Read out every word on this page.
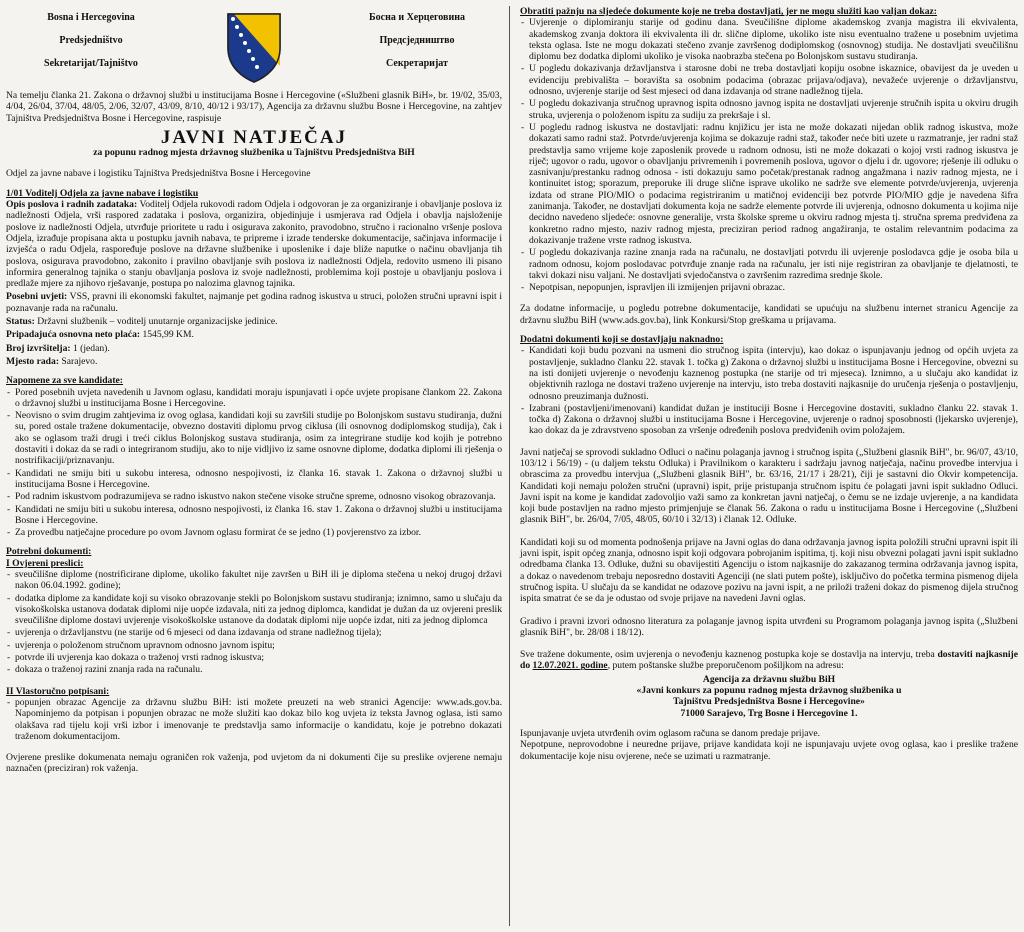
Bosna i Hercegovina
Predsjedništvo
Sekretarijat/Tajništvo
Босна и Херцеговина
Предсједништво
Секретаријат

Na temelju članka 21. Zakona o državnoj službi u institucijama Bosne i Hercegovine («Službeni glasnik BiH», br. 19/02, 35/03, 4/04, 26/04, 37/04, 48/05, 2/06, 32/07, 43/09, 8/10, 40/12 i 93/17), Agencija za državnu službu Bosne i Hercegovine, na zahtjev Tajništva Predsjedništva Bosne i Hercegovine, raspisuje

JAVNI NATJEČAJ
za popunu radnog mjesta državnog službenika u Tajništvu Predsjedništva BiH

Odjel za javne nabave i logistiku Tajništva Predsjedništva Bosne i Hercegovine

1/01 Voditelj Odjela za javne nabave i logistiku

Opis poslova i radnih zadataka: Voditelj Odjela rukovodi radom Odjela i odgovoran je za organiziranje i obavljanje poslova iz nadležnosti Odjela, vrši raspored zadataka i poslova, organizira, objedinjuje i usmjerava rad Odjela i obavlja najsloženije poslove iz nadležnosti Odjela, utvrđuje prioritete u radu i osigurava zakonito, pravodobno, stručno i racionalno vršenje poslova Odjela, izrađuje propisana akta u postupku javnih nabava, te pripreme i izrade tenderske dokumentacije, sačinjava informacije i izvješća o radu Odjela, raspoređuje poslove na državne službenike i uposlenike i daje bliže naputke o načinu obavljanja tih poslova, osigurava pravodobno, zakonito i pravilno obavljanje svih poslova iz nadležnosti Odjela, redovito usmeno ili pisano informira generalnog tajnika o stanju obavljanja poslova iz svoje nadležnosti, problemima koji postoje u obavljanju poslova i predlaže mjere za njihovo rješavanje, postupa po nalozima glavnog tajnika.

Posebni uvjeti: VSS, pravni ili ekonomski fakultet, najmanje pet godina radnog iskustva u struci, položen stručni upravni ispit i poznavanje rada na računalu.

Status: Državni službenik – voditelj unutarnje organizacijske jedinice.

Pripadajuća osnovna neto plaća: 1545,99 KM.

Broj izvršitelja: 1 (jedan).

Mjesto rada: Sarajevo.

Napomene za sve kandidate:
- Pored posebnih uvjeta navedenih u Javnom oglasu, kandidati moraju ispunjavati i opće uvjete propisane člankom 22. Zakona o državnoj službi u institucijama Bosne i Hercegovine.
- Neovisno o svim drugim zahtjevima iz ovog oglasa, kandidati koji su završili studije po Bolonjskom sustavu studiranja, dužni su, pored ostale tražene dokumentacije, obvezno dostaviti diplomu prvog ciklusa (ili osnovnog dodiplomskog studija), čak i ako se oglasom traži drugi i treći ciklus Bolonjskog sustava studiranja, osim za integrirane studije kod kojih je potrebno dostaviti i dokaz da se radi o integriranom studiju, ako to nije vidljivo iz same osnovne diplome, dodatka diplomi ili rješenja o nostrifikaciji/priznavanju.
- Kandidati ne smiju biti u sukobu interesa, odnosno nespojivosti, iz članka 16. stavak 1. Zakona o državnoj službi u institucijama Bosne i Hercegovine.
- Pod radnim iskustvom podrazumijeva se radno iskustvo nakon stečene visoke stručne spreme, odnosno visokog obrazovanja.
- Kandidati ne smiju biti u sukobu interesa, odnosno nespojivosti, iz članka 16. stav 1. Zakona o državnoj službi u institucijama Bosne i Hercegovine.
- Za provedbu natječajne procedure po ovom Javnom oglasu formirat će se jedno (1) povjerenstvo za izbor.
Potrebni dokumenti:
I Ovjereni preslici:
- sveučilišne diplome (nostrificirane diplome, ukoliko fakultet nije završen u BiH ili je diploma stečena u nekoj drugoj državi nakon 06.04.1992. godine);
- dodatka diplome za kandidate koji su visoko obrazovanje stekli po Bolonjskom sustavu studiranja; iznimno, samo u slučaju da visokoškolska ustanova dodatak diplomi nije uopće izdavala, niti za jednog diplomca, kandidat je dužan da uz ovjereni preslik sveučilišne diplome dostavi uvjerenje visokoškolske ustanove da dodatak diplomi nije uopće izdat, niti za jednog diplomca
- uvjerenja o državljanstvu (ne starije od 6 mjeseci od dana izdavanja od strane nadležnog tijela);
- uvjerenja o položenom stručnom upravnom odnosno javnom ispitu;
- potvrde ili uvjerenja kao dokaza o traženoj vrsti radnog iskustva;
- dokaza o traženoj razini znanja rada na računalu.
II Vlastoručno potpisani:
- popunjen obrazac Agencije za državnu službu BiH: isti možete preuzeti na web stranici Agencije: www.ads.gov.ba. Napominjemo da potpisan i popunjen obrazac ne može služiti kao dokaz bilo kog uvjeta iz teksta Javnog oglasa, isti samo olakšava rad tijelu koji vrši izbor i imenovanje te predstavlja samo informacije o kandidatu, koje je potrebno dokazati traženom dokumentacijom.

Ovjerene preslike dokumenata nemaju ograničen rok važenja, pod uvjetom da ni dokumenti čije su preslike ovjerene nemaju naznačen (preciziran) rok važenja.

Obratiti pažnju na sljedeće dokumente koje ne treba dostavljati, jer ne mogu služiti kao valjan dokaz:
- Uvjerenje o diplomiranju starije od godinu dana. Sveučilišne diplome akademskog zvanja magistra ili ekvivalenta, akademskog zvanja doktora ili ekvivalenta ili dr. slične diplome, ukoliko iste nisu eventualno tražene u posebnim uvjetima teksta oglasa. Iste ne mogu dokazati stečeno zvanje završenog dodiplomskog (osnovnog) studija. Ne dostavljati sveučilišnu diplomu bez dodatka diplomi ukoliko je visoka naobrazba stečena po Bolonjskom sustavu studiranja.
- U pogledu dokazivanja državljanstva i starosne dobi ne treba dostavljati kopiju osobne iskaznice, obavijest da je uveden u evidenciju prebivališta – boravišta sa osobnim podacima (obrazac prijava/odjava), nevažeće uvjerenje o državljanstvu, odnosno, uvjerenje starije od šest mjeseci od dana izdavanja od strane nadležnog tijela.
- U pogledu dokazivanja stručnog upravnog ispita odnosno javnog ispita ne dostavljati uvjerenje stručnih ispita u okviru drugih struka, uvjerenja o položenom ispitu za sudiju za prekršaje i sl.
- U pogledu radnog iskustva ne dostavljati: radnu knjižicu jer ista ne može dokazati nijedan oblik radnog iskustva, može dokazati samo radni staž. Potvrde/uvjerenja kojima se dokazuje radni staž, također neće biti uzete u razmatranje, jer radni staž predstavlja samo vrijeme koje zaposlenik provede u radnom odnosu, isti ne može dokazati o kojoj vrsti radnog iskustva je riječ; ugovor o radu, ugovor o obavljanju privremenih i povremenih poslova, ugovor o djelu i dr. ugovore; rješenje ili odluku o zasnivanju/prestanku radnog odnosa - isti dokazuju samo početak/prestanak radnog angažmana i naziv radnog mjesta, ne i kontinuitet istog; sporazum, preporuke ili druge slične isprave ukoliko ne sadrže sve elemente potvrde/uvjerenja, uvjerenja izdata od strane PIO/MIO o podacima registriranim u matičnoj evidenciji bez potvrde PIO/MIO gdje je navedena šifra zanimanja. Također, ne dostavljati dokumenta koja ne sadrže elemente potvrde ili uvjerenja, odnosno dokumenta u kojima nije decidno navedeno sljedeće: osnovne generalije, vrsta školske spreme u okviru radnog mjesta tj. stručna sprema predviđena za konkretno radno mjesto, naziv radnog mjesta, preciziran period radnog angažiranja, te ostalim relevantnim podacima za dokazivanje tražene vrste radnog iskustva.
- U pogledu dokazivanja razine znanja rada na računalu, ne dostavljati potvrdu ili uvjerenje poslodavca gdje je osoba bila u radnom odnosu, kojom poslodavac potvrđuje znanje rada na računalu, jer isti nije registriran za obavljanje te djelatnosti, te takvi dokazi nisu valjani. Ne dostavljati svjedočanstva o završenim razredima srednje škole.
- Nepotpisan, nepopunjen, ispravljen ili izmijenjen prijavni obrazac.

Za dodatne informacije, u pogledu potrebne dokumentacije, kandidati se upućuju na službenu internet stranicu Agencije za državnu službu BiH (www.ads.gov.ba), link Konkursi/Stop greškama u prijavama.

Dodatni dokumenti koji se dostavljaju naknadno:
- Kandidati koji budu pozvani na usmeni dio stručnog ispita (intervju), kao dokaz o ispunjavanju jednog od općih uvjeta za postavljenje, sukladno članku 22. stavak 1. točka g) Zakona o državnoj službi u institucijama Bosne i Hercegovine, obvezni su na isti donijeti uvjerenje o nevođenju kaznenog postupka (ne starije od tri mjeseca). Iznimno, a u slučaju ako kandidat iz objektivnih razloga ne dostavi traženo uvjerenje na intervju, isto treba dostaviti najkasnije do uručenja rješenja o postavljenju, odnosno preuzimanja dužnosti.
- Izabrani (postavljeni/imenovani) kandidat dužan je instituciji Bosne i Hercegovine dostaviti, sukladno članku 22. stavak 1. točka d) Zakona o državnoj službi u institucijama Bosne i Hercegovine, uvjerenje o radnoj sposobnosti (ljekarsko uvjerenje), kao dokaz da je zdravstveno sposoban za vršenje određenih poslova predviđenih ovim položajem.

Javni natječaj se sprovodi sukladno Odluci o načinu polaganja javnog i stručnog ispita („Službeni glasnik BiH", br. 96/07, 43/10, 103/12 i 56/19) - (u daljem tekstu Odluka) i Pravilnikom o karakteru i sadržaju javnog natječaja, načinu provedbe intervjua i obrascima za provedbu intervjua („Službeni glasnik BiH", br. 63/16, 21/17 i 28/21), čiji je sastavni dio Okvir kompetencija. Kandidati koji nemaju položen stručni (upravni) ispit, prije pristupanja stručnom ispitu će polagati javni ispit sukladno Odluci. Javni ispit na kome je kandidat zadovoljio važi samo za konkretan javni natječaj, o čemu se ne izdaje uvjerenje, a na kandidata koji bude postavljen na radno mjesto primjenjuje se članak 56. Zakona o radu u institucijama Bosne i Hercegovine („Službeni glasnik BiH", br. 26/04, 7/05, 48/05, 60/10 i 32/13) i članak 12. Odluke.

Kandidati koji su od momenta podnošenja prijave na Javni oglas do dana održavanja javnog ispita položili stručni upravni ispit ili javni ispit, ispit općeg znanja, odnosno ispit koji odgovara pobrojanim ispitima, tj. koji nisu obvezni polagati javni ispit sukladno odredbama članka 13. Odluke, dužni su obavijestiti Agenciju o istom najkasnije do zakazanog termina održavanja javnog ispita, a dokaz o navedenom trebaju neposredno dostaviti Agenciji (ne slati putem pošte), isključivo do početka termina pismenog dijela stručnog ispita. U slučaju da se kandidat ne odazove pozivu na javni ispit, a ne priloži traženi dokaz do pismenog dijela stručnog ispita smatrat će se da je odustao od svoje prijave na navedeni Javni oglas.

Gradivo i pravni izvori odnosno literatura za polaganje javnog ispita utvrđeni su Programom polaganja javnog ispita („Službeni glasnik BiH", br. 28/08 i 18/12).

Sve tražene dokumente, osim uvjerenja o nevođenju kaznenog postupka koje se dostavlja na intervju, treba dostaviti najkasnije do 12.07.2021. godine, putem poštanske službe preporučenom pošiljkom na adresu:

Agencija za državnu službu BiH
«Javni konkurs za popunu radnog mjesta državnog službenika u
Tajništvu Predsjedništva Bosne i Hercegovine»
71000 Sarajevo, Trg Bosne i Hercegovine 1.

Ispunjavanje uvjeta utvrđenih ovim oglasom računa se danom predaje prijave.
Nepotpune, neprovodobne i neuredne prijave, prijave kandidata koji ne ispunjavaju uvjete ovog oglasa, kao i preslike tražene dokumentacije koje nisu ovjerene, neće se uzimati u razmatranje.
